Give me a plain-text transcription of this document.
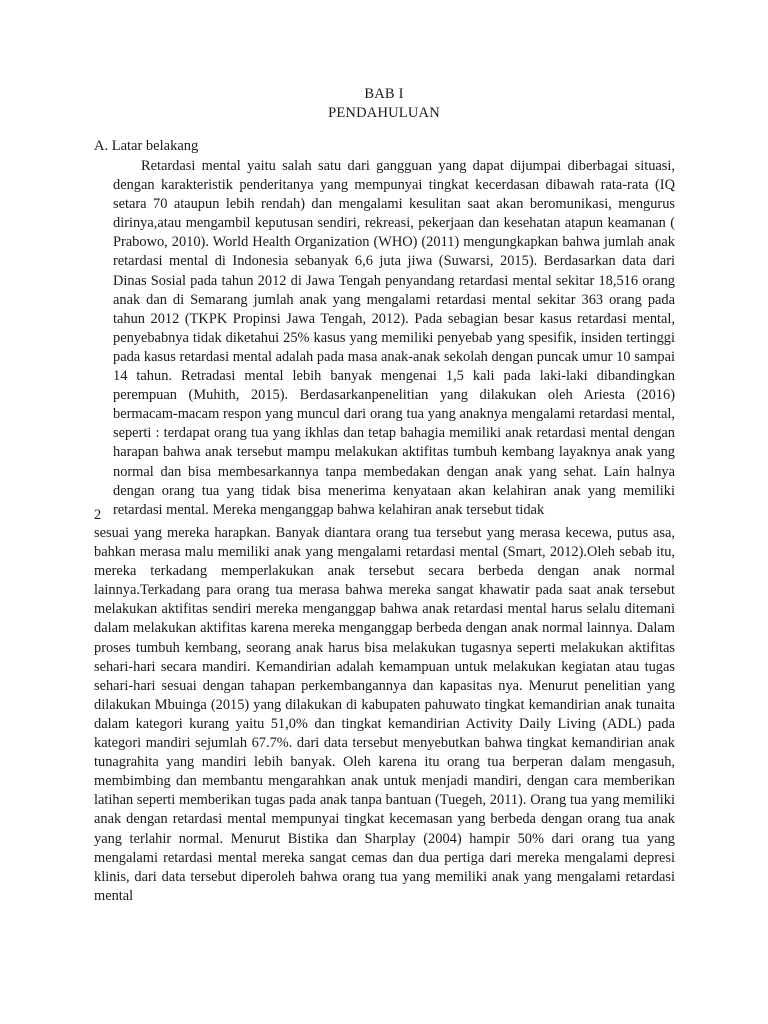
BAB I
PENDAHULUAN
A. Latar belakang

Retardasi mental yaitu salah satu dari gangguan yang dapat dijumpai diberbagai situasi, dengan karakteristik penderitanya yang mempunyai tingkat kecerdasan dibawah rata-rata (IQ setara 70 ataupun lebih rendah) dan mengalami kesulitan saat akan beromunikasi, mengurus dirinya,atau mengambil keputusan sendiri, rekreasi, pekerjaan dan kesehatan atapun keamanan ( Prabowo, 2010). World Health Organization (WHO) (2011) mengungkapkan bahwa jumlah anak retardasi mental di Indonesia sebanyak 6,6 juta jiwa (Suwarsi, 2015). Berdasarkan data dari Dinas Sosial pada tahun 2012 di Jawa Tengah penyandang retardasi mental sekitar 18,516 orang anak dan di Semarang jumlah anak yang mengalami retardasi mental sekitar 363 orang pada tahun 2012 (TKPK Propinsi Jawa Tengah, 2012). Pada sebagian besar kasus retardasi mental, penyebabnya tidak diketahui 25% kasus yang memiliki penyebab yang spesifik, insiden tertinggi pada kasus retardasi mental adalah pada masa anak-anak sekolah dengan puncak umur 10 sampai 14 tahun. Retradasi mental lebih banyak mengenai 1,5 kali pada laki-laki dibandingkan perempuan (Muhith, 2015). Berdasarkanpenelitian yang dilakukan oleh Ariesta (2016) bermacam-macam respon yang muncul dari orang tua yang anaknya mengalami retardasi mental, seperti : terdapat orang tua yang ikhlas dan tetap bahagia memiliki anak retardasi mental dengan harapan bahwa anak tersebut mampu melakukan aktifitas tumbuh kembang layaknya anak yang normal dan bisa membesarkannya tanpa membedakan dengan anak yang sehat. Lain halnya dengan orang tua yang tidak bisa menerima kenyataan akan kelahiran anak yang memiliki retardasi mental. Mereka menganggap bahwa kelahiran anak tersebut tidak

2

sesuai yang mereka harapkan. Banyak diantara orang tua tersebut yang merasa kecewa, putus asa, bahkan merasa malu memiliki anak yang mengalami retardasi mental (Smart, 2012).Oleh sebab itu, mereka terkadang memperlakukan anak tersebut secara berbeda dengan anak normal lainnya.Terkadang para orang tua merasa bahwa mereka sangat khawatir pada saat anak tersebut melakukan aktifitas sendiri mereka menganggap bahwa anak retardasi mental harus selalu ditemani dalam melakukan aktifitas karena mereka menganggap berbeda dengan anak normal lainnya. Dalam proses tumbuh kembang, seorang anak harus bisa melakukan tugasnya seperti melakukan aktifitas sehari-hari secara mandiri. Kemandirian adalah kemampuan untuk melakukan kegiatan atau tugas sehari-hari sesuai dengan tahapan perkembangannya dan kapasitas nya. Menurut penelitian yang dilakukan Mbuinga (2015) yang dilakukan di kabupaten pahuwato tingkat kemandirian anak tunaita dalam kategori kurang yaitu 51,0% dan tingkat kemandirian Activity Daily Living (ADL) pada kategori mandiri sejumlah 67.7%. dari data tersebut menyebutkan bahwa tingkat kemandirian anak tunagrahita yang mandiri lebih banyak. Oleh karena itu orang tua berperan dalam mengasuh, membimbing dan membantu mengarahkan anak untuk menjadi mandiri, dengan cara memberikan latihan seperti memberikan tugas pada anak tanpa bantuan (Tuegeh, 2011). Orang tua yang memiliki anak dengan retardasi mental mempunyai tingkat kecemasan yang berbeda dengan orang tua anak yang terlahir normal. Menurut Bistika dan Sharplay (2004) hampir 50% dari orang tua yang mengalami retardasi mental mereka sangat cemas dan dua pertiga dari mereka mengalami depresi klinis, dari data tersebut diperoleh bahwa orang tua yang memiliki anak yang mengalami retardasi mental
